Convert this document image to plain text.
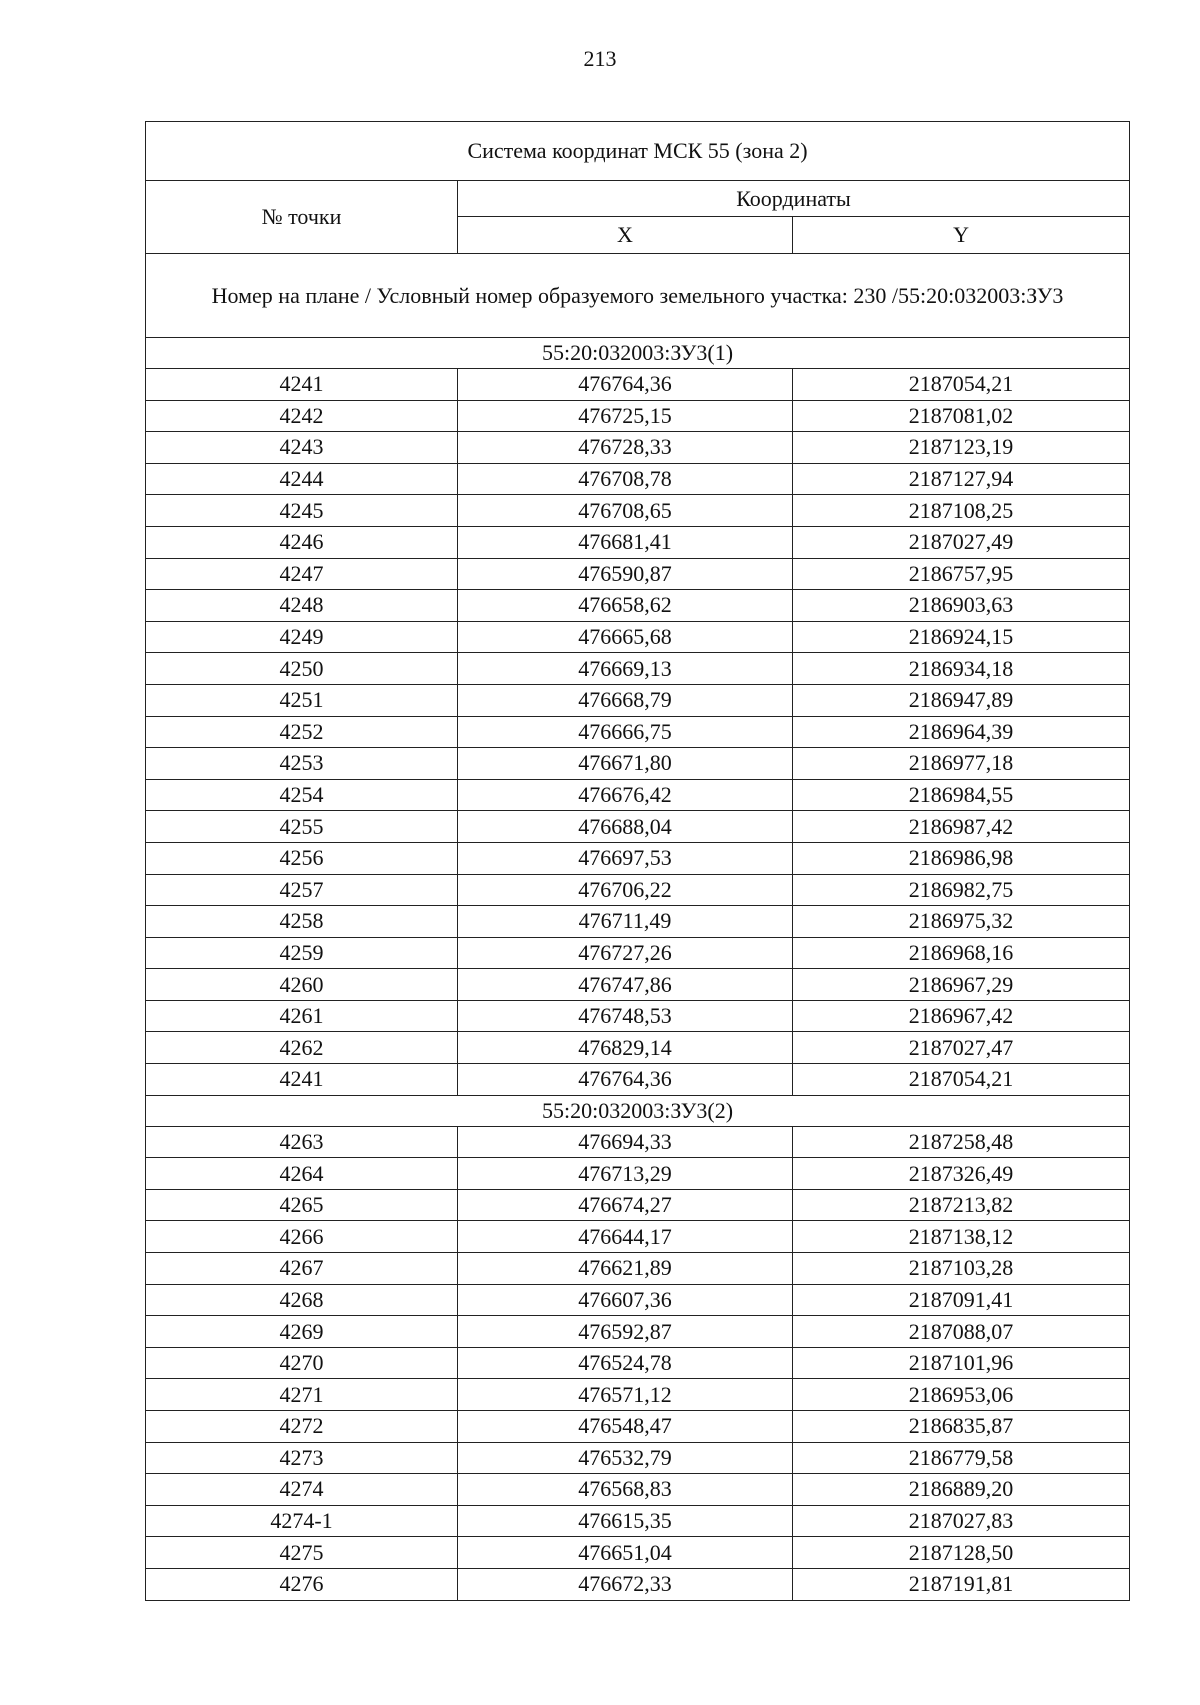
213
Система координат МСК 55 (зона 2)		
№ точки	Координаты	
	X	Y
Номер на плане / Условный номер образуемого земельного участка: 230 /55:20:032003:ЗУ3		
55:20:032003:ЗУ3(1)		
4241	476764,36	2187054,21
4242	476725,15	2187081,02
4243	476728,33	2187123,19
4244	476708,78	2187127,94
4245	476708,65	2187108,25
4246	476681,41	2187027,49
4247	476590,87	2186757,95
4248	476658,62	2186903,63
4249	476665,68	2186924,15
4250	476669,13	2186934,18
4251	476668,79	2186947,89
4252	476666,75	2186964,39
4253	476671,80	2186977,18
4254	476676,42	2186984,55
4255	476688,04	2186987,42
4256	476697,53	2186986,98
4257	476706,22	2186982,75
4258	476711,49	2186975,32
4259	476727,26	2186968,16
4260	476747,86	2186967,29
4261	476748,53	2186967,42
4262	476829,14	2187027,47
4241	476764,36	2187054,21
55:20:032003:ЗУ3(2)		
4263	476694,33	2187258,48
4264	476713,29	2187326,49
4265	476674,27	2187213,82
4266	476644,17	2187138,12
4267	476621,89	2187103,28
4268	476607,36	2187091,41
4269	476592,87	2187088,07
4270	476524,78	2187101,96
4271	476571,12	2186953,06
4272	476548,47	2186835,87
4273	476532,79	2186779,58
4274	476568,83	2186889,20
4274-1	476615,35	2187027,83
4275	476651,04	2187128,50
4276	476672,33	2187191,81
